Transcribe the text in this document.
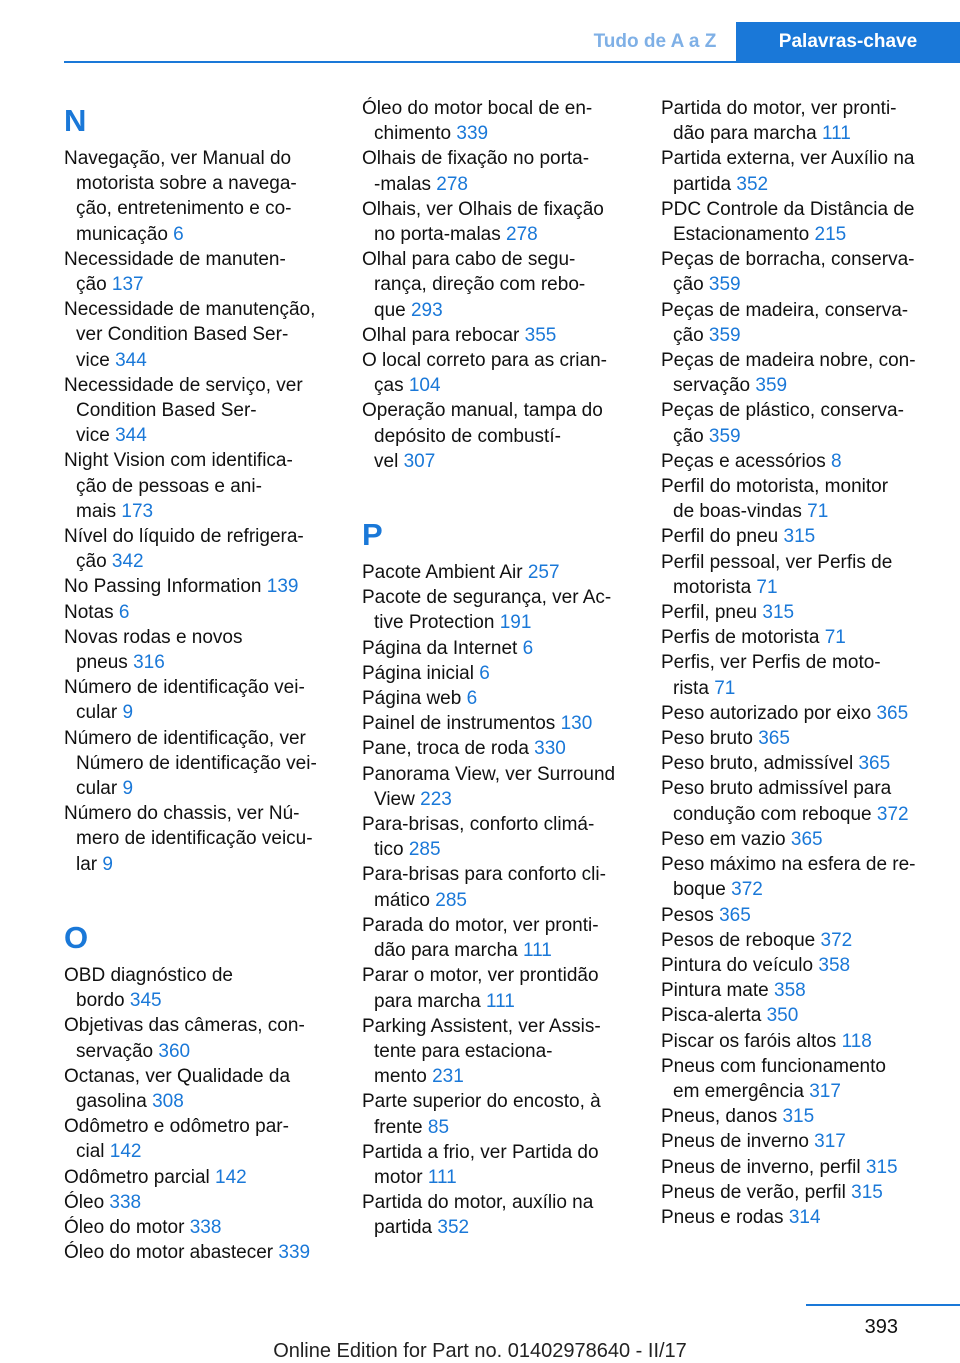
Tudo de A a Z	Palavras-chave
N
Navegação, ver Manual do
motorista sobre a navega-
ção, entretenimento e co-
municação 6
Necessidade de manuten-
ção 137
Necessidade de manutenção,
ver Condition Based Ser-
vice 344
Necessidade de serviço, ver
Condition Based Ser-
vice 344
Night Vision com identifica-
ção de pessoas e ani-
mais 173
Nível do líquido de refrigera-
ção 342
No Passing Information 139
Notas 6
Novas rodas e novos
pneus 316
Número de identificação vei-
cular 9
Número de identificação, ver
Número de identificação vei-
cular 9
Número do chassis, ver Nú-
mero de identificação veicu-
lar 9
O
OBD diagnóstico de
bordo 345
Objetivas das câmeras, con-
servação 360
Octanas, ver Qualidade da
gasolina 308
Odômetro e odômetro par-
cial 142
Odômetro parcial 142
Óleo 338
Óleo do motor 338
Óleo do motor abastecer 339
Óleo do motor bocal de en-
chimento 339
Olhais de fixação no porta-
-malas 278
Olhais, ver Olhais de fixação
no porta-malas 278
Olhal para cabo de segu-
rança, direção com rebo-
que 293
Olhal para rebocar 355
O local correto para as crian-
ças 104
Operação manual, tampa do
depósito de combustí-
vel 307
P
Pacote Ambient Air 257
Pacote de segurança, ver Ac-
tive Protection 191
Página da Internet 6
Página inicial 6
Página web 6
Painel de instrumentos 130
Pane, troca de roda 330
Panorama View, ver Surround
View 223
Para-brisas, conforto climá-
tico 285
Para-brisas para conforto cli-
mático 285
Parada do motor, ver pronti-
dão para marcha 111
Parar o motor, ver prontidão
para marcha 111
Parking Assistent, ver Assis-
tente para estaciona-
mento 231
Parte superior do encosto, à
frente 85
Partida a frio, ver Partida do
motor 111
Partida do motor, auxílio na
partida 352
Partida do motor, ver pronti-
dão para marcha 111
Partida externa, ver Auxílio na
partida 352
PDC Controle da Distância de
Estacionamento 215
Peças de borracha, conserva-
ção 359
Peças de madeira, conserva-
ção 359
Peças de madeira nobre, con-
servação 359
Peças de plástico, conserva-
ção 359
Peças e acessórios 8
Perfil do motorista, monitor
de boas-vindas 71
Perfil do pneu 315
Perfil pessoal, ver Perfis de
motorista 71
Perfil, pneu 315
Perfis de motorista 71
Perfis, ver Perfis de moto-
rista 71
Peso autorizado por eixo 365
Peso bruto 365
Peso bruto, admissível 365
Peso bruto admissível para
condução com reboque 372
Peso em vazio 365
Peso máximo na esfera de re-
boque 372
Pesos 365
Pesos de reboque 372
Pintura do veículo 358
Pintura mate 358
Pisca-alerta 350
Piscar os faróis altos 118
Pneus com funcionamento
em emergência 317
Pneus, danos 315
Pneus de inverno 317
Pneus de inverno, perfil 315
Pneus de verão, perfil 315
Pneus e rodas 314
393
Online Edition for Part no. 01402978640 - II/17
